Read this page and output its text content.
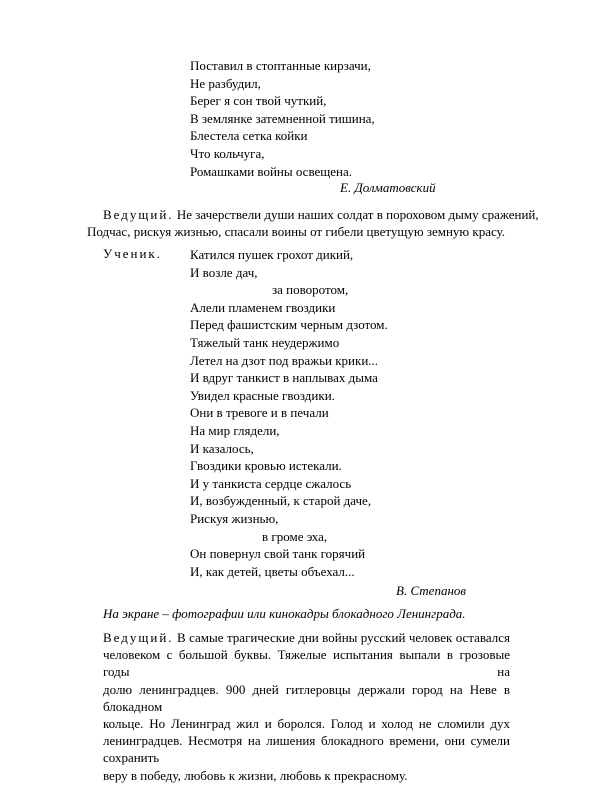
Поставил в стоптанные кирзачи,
Не разбудил,
Берег я сон твой чуткий,
В землянке затемненной тишина,
Блестела сетка койки
Что кольчуга,
Ромашками войны освещена.
Е. Долматовский
Ведущий. Не зачерствели души наших солдат в пороховом дыму сражений,
Подчас, рискуя жизнью, спасали воины от гибели цветущую земную красу.
Ученик. Катился пушек грохот дикий,
И возле дач,
за поворотом,
Алели пламенем гвоздики
Перед фашистским черным дзотом.
Тяжелый танк неудержимо
Летел на дзот под вражьи крики...
И вдруг танкист в наплывах дыма
Увидел красные гвоздики.
Они в тревоге и в печали
На мир глядели,
И казалось,
Гвоздики кровью истекали.
И у танкиста сердце сжалось
И, возбужденный, к старой даче,
Рискуя жизнью,
в громе эха,
Он повернул свой танк горячий
И, как детей, цветы объехал...
В. Степанов
На экране – фотографии или кинокадры блокадного Ленинграда.
Ведущий. В самые трагические дни войны русский человек оставался
человеком с большой буквы. Тяжелые испытания выпали в грозовые годы на
долю ленинградцев. 900 дней гитлеровцы держали город на Неве в блокадном
кольце. Но Ленинград жил и боролся. Голод и холод не сломили дух
ленинградцев. Несмотря на лишения блокадного времени, они сумели сохранить
веру в победу, любовь к жизни, любовь к прекрасному.
